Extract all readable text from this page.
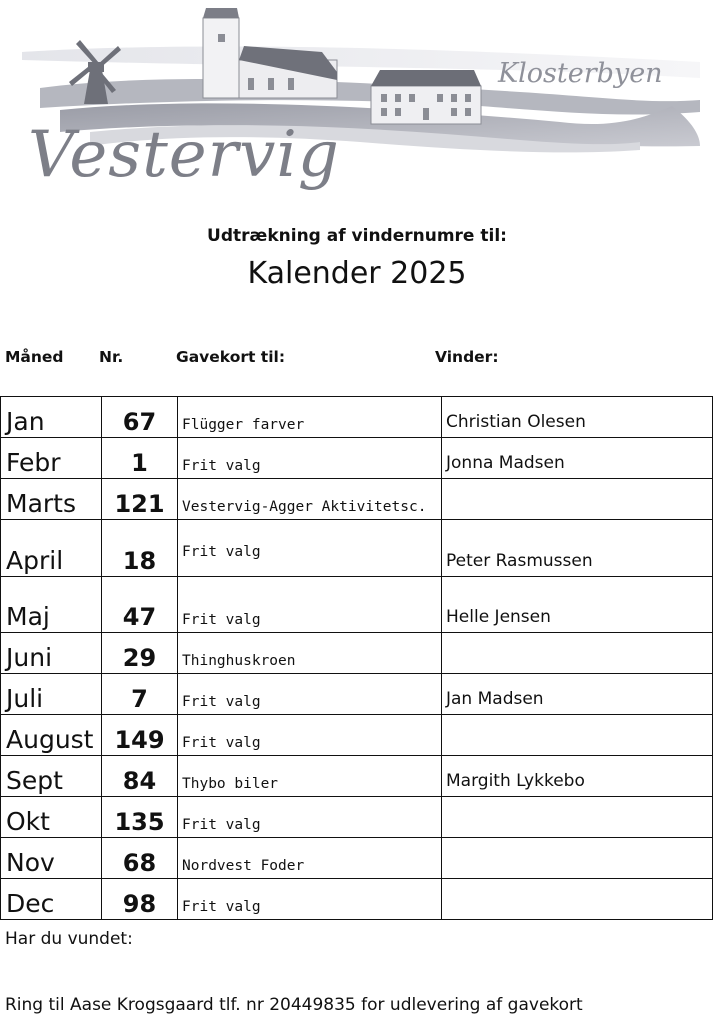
Vestervig
Klosterbyen
Udtrækning af vindernumre til:
Kalender 2025
Måned Nr.	Gavekort til:	Vinder:
Jan	67	Flügger farver	Christian Olesen
Febr	1	Frit valg	Jonna Madsen
Marts	121	Vestervig-Agger Aktivitetsc.	
April	18	Frit valg	Peter Rasmussen
Maj	47	Frit valg	Helle Jensen
Juni	29	Thinghuskroen	
Juli	7	Frit valg	Jan Madsen
August	149	Frit valg	
Sept	84	Thybo biler	Margith Lykkebo
Okt	135	Frit valg	
Nov	68	Nordvest Foder	
Dec	98	Frit valg	
Har du vundet:
Ring til Aase Krogsgaard tlf. nr 20449835 for udlevering af gavekort
